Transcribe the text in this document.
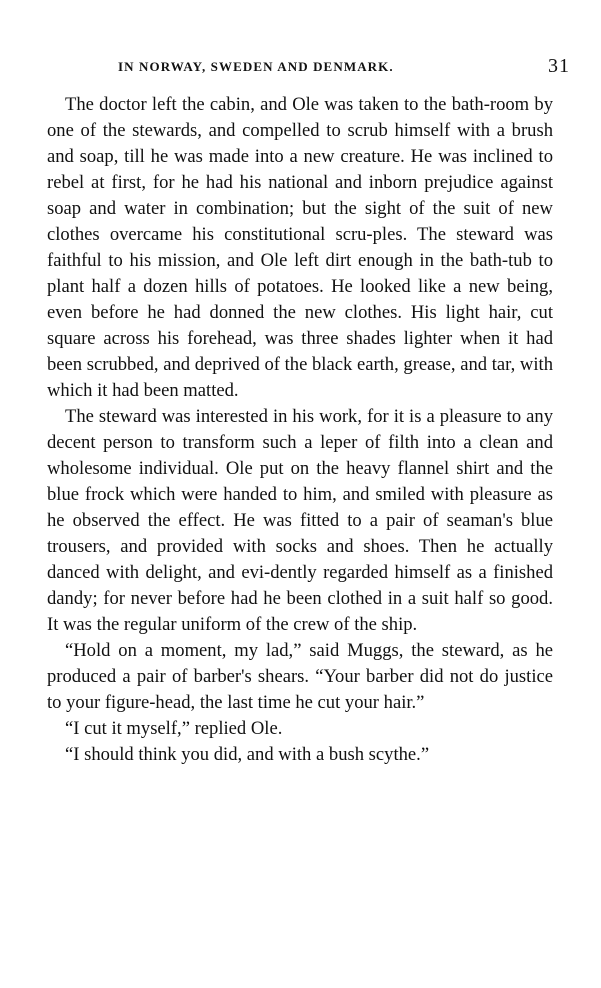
IN NORWAY, SWEDEN AND DENMARK.	31

The doctor left the cabin, and Ole was taken to the bath-room by one of the stewards, and compelled to scrub himself with a brush and soap, till he was made into a new creature. He was inclined to rebel at first, for he had his national and inborn prejudice against soap and water in combination; but the sight of the suit of new clothes overcame his constitutional scru-ples. The steward was faithful to his mission, and Ole left dirt enough in the bath-tub to plant half a dozen hills of potatoes. He looked like a new being, even before he had donned the new clothes. His light hair, cut square across his forehead, was three shades lighter when it had been scrubbed, and deprived of the black earth, grease, and tar, with which it had been matted.

The steward was interested in his work, for it is a pleasure to any decent person to transform such a leper of filth into a clean and wholesome individual. Ole put on the heavy flannel shirt and the blue frock which were handed to him, and smiled with pleasure as he observed the effect. He was fitted to a pair of seaman's blue trousers, and provided with socks and shoes. Then he actually danced with delight, and evi-dently regarded himself as a finished dandy; for never before had he been clothed in a suit half so good. It was the regular uniform of the crew of the ship.

“Hold on a moment, my lad,” said Muggs, the steward, as he produced a pair of barber's shears. “Your barber did not do justice to your figure-head, the last time he cut your hair.”

“I cut it myself,” replied Ole.

“I should think you did, and with a bush scythe.”
